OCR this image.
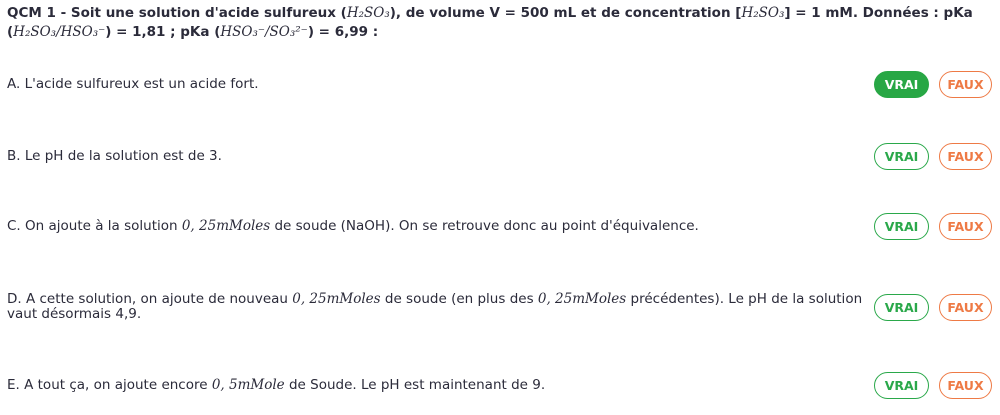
QCM 1 - Soit une solution d'acide sulfureux (H₂SO₃), de volume V = 500 mL et de concentration [H₂SO₃] = 1 mM. Données : pKa (H₂SO₃/HSO₃⁻) = 1,81 ; pKa (HSO₃⁻/SO₃²⁻) = 6,99 :
A. L'acide sulfureux est un acide fort.	VRAI	FAUX
B. Le pH de la solution est de 3.	VRAI	FAUX
C. On ajoute à la solution 0, 25mMoles de soude (NaOH). On se retrouve donc au point d'équivalence.	VRAI	FAUX
D. A cette solution, on ajoute de nouveau 0, 25mMoles de soude (en plus des 0, 25mMoles précédentes). Le pH de la solution vaut désormais 4,9.	VRAI	FAUX
E. A tout ça, on ajoute encore 0, 5mMole de Soude. Le pH est maintenant de 9.	VRAI	FAUX
